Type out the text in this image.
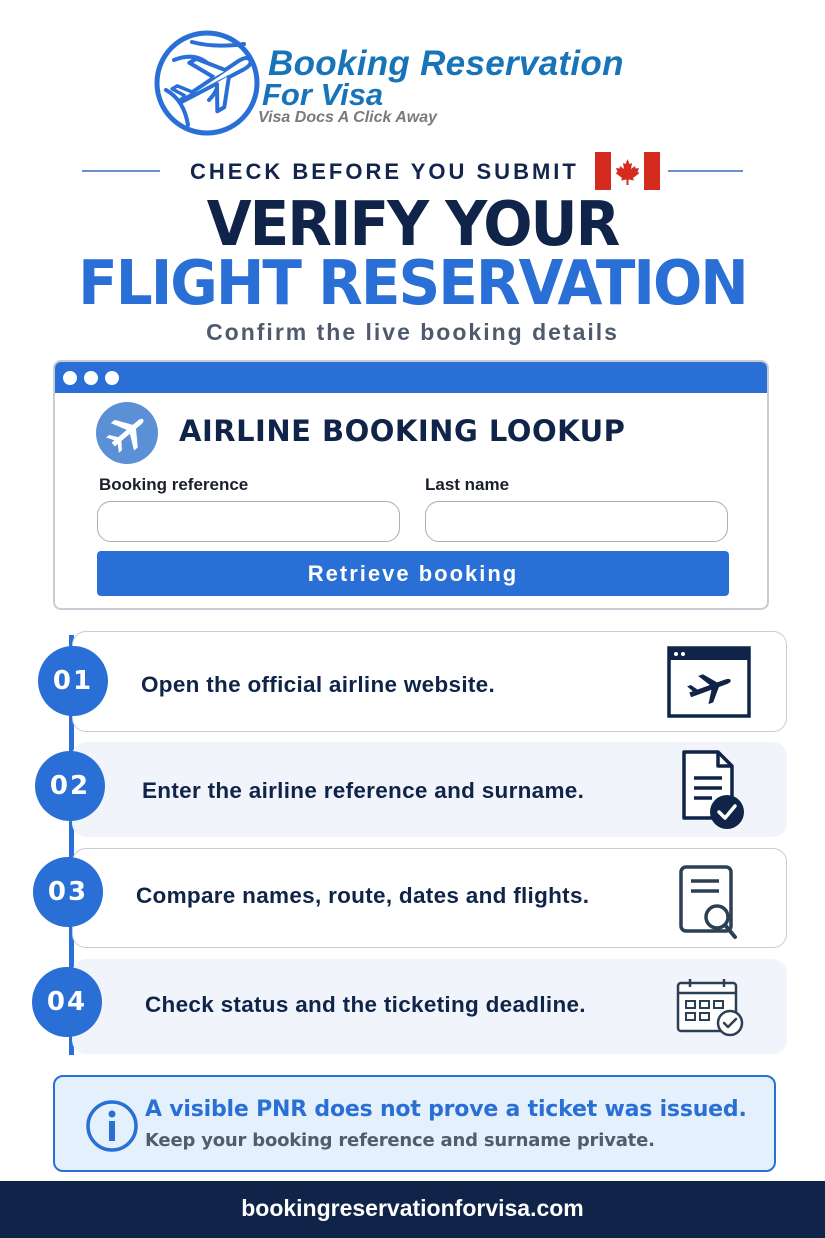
Booking Reservation
For Visa
Visa Docs A Click Away
CHECK BEFORE YOU SUBMIT
VERIFY YOUR
FLIGHT RESERVATION
Confirm the live booking details
AIRLINE BOOKING LOOKUP
Booking reference	Last name
Retrieve booking
Open the official airline website.
01
Enter the airline reference and surname.
02
Compare names, route, dates and flights.
03
Check status and the ticketing deadline.
04
A visible PNR does not prove a ticket was issued.
Keep your booking reference and surname private.
bookingreservationforvisa.com
